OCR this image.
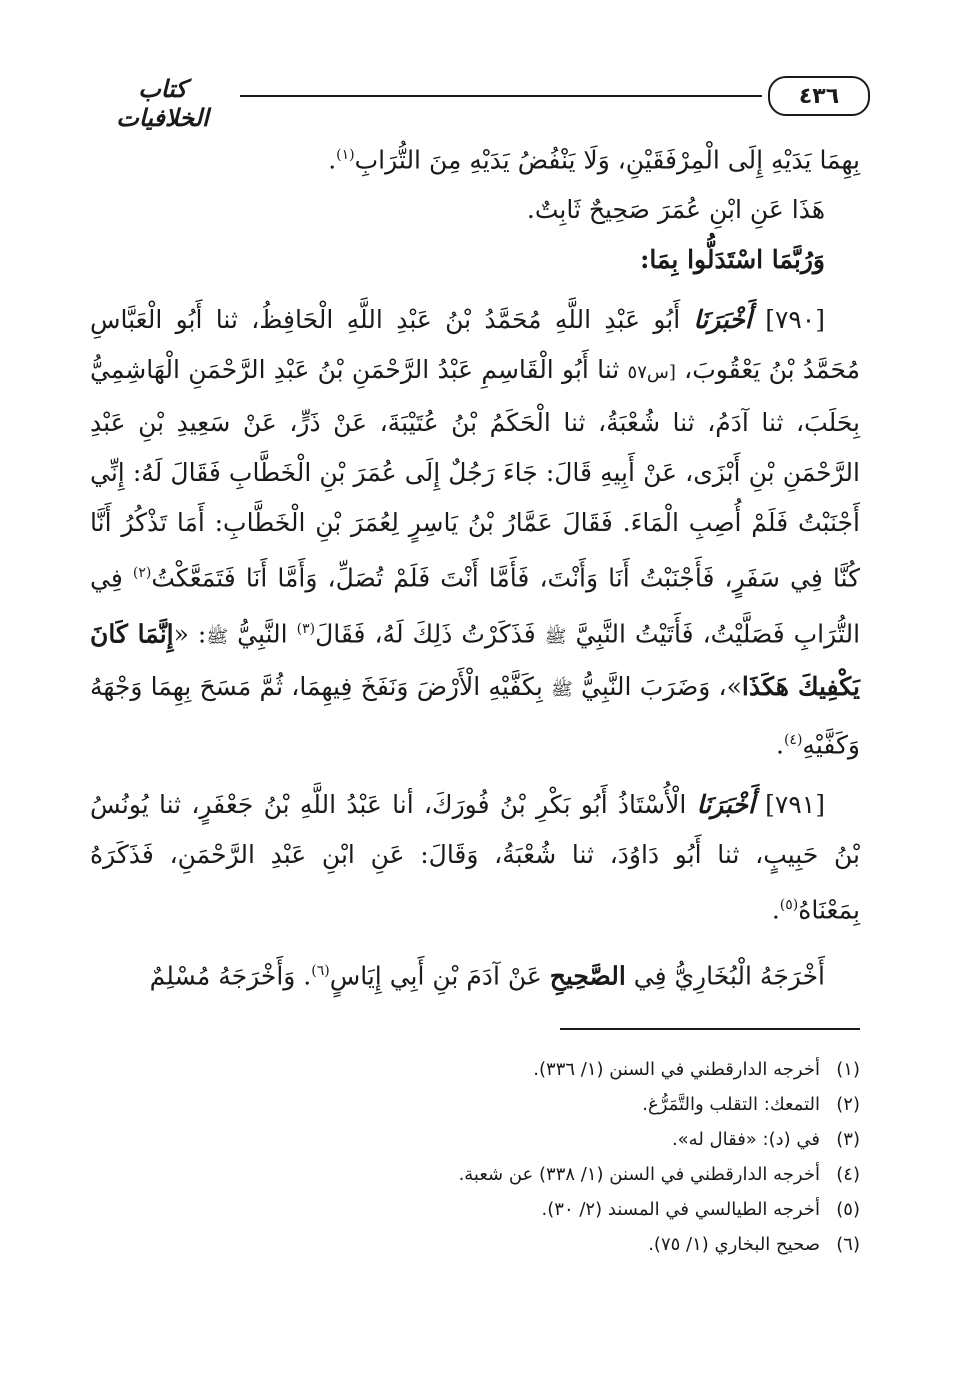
٤٣٦
كتاب الخلافيات

بِهِمَا يَدَيْهِ إِلَى الْمِرْفَقَيْنِ، وَلَا يَنْفُضُ يَدَيْهِ مِنَ التُّرَابِ$^{(١)}$.

هَذَا عَنِ ابْنِ عُمَرَ صَحِيحٌ ثَابِتٌ.

وَرُبَّمَا اسْتَدَلُّوا بِمَا:

[٧٩٠] أَخْبَرَنَا أَبُو عَبْدِ اللَّهِ مُحَمَّدُ بْنُ عَبْدِ اللَّهِ الْحَافِظُ، ثنا أَبُو الْعَبَّاسِ مُحَمَّدُ بْنُ يَعْقُوبَ، [س٥٧ ثنا أَبُو الْقَاسِمِ عَبْدُ الرَّحْمَنِ بْنُ عَبْدِ الرَّحْمَنِ الْهَاشِمِيُّ بِحَلَبَ، ثنا آدَمُ، ثنا شُعْبَةُ، ثنا الْحَكَمُ بْنُ عُتَيْبَةَ، عَنْ ذَرٍّ، عَنْ سَعِيدِ بْنِ عَبْدِ الرَّحْمَنِ بْنِ أَبْزَى، عَنْ أَبِيهِ قَالَ: جَاءَ رَجُلٌ إِلَى عُمَرَ بْنِ الْخَطَّابِ فَقَالَ لَهُ: إِنِّي أَجْنَبْتُ فَلَمْ أُصِبِ الْمَاءَ. فَقَالَ عَمَّارُ بْنُ يَاسِرٍ لِعُمَرَ بْنِ الْخَطَّابِ: أَمَا تَذْكُرُ أَنَّا كُنَّا فِي سَفَرٍ، فَأَجْنَبْتُ أَنَا وَأَنْتَ، فَأَمَّا أَنْتَ فَلَمْ تُصَلِّ، وَأَمَّا أَنَا فَتَمَعَّكْتُ$^{(٢)}$ فِي التُّرَابِ فَصَلَّيْتُ، فَأَتَيْتُ النَّبِيَّ ﷺ فَذَكَرْتُ ذَلِكَ لَهُ، فَقَالَ$^{(٣)}$ النَّبِيُّ ﷺ: «إِنَّمَا كَانَ يَكْفِيكَ هَكَذَا»، وَضَرَبَ النَّبِيُّ ﷺ بِكَفَّيْهِ الْأَرْضَ وَنَفَخَ فِيهِمَا، ثُمَّ مَسَحَ بِهِمَا وَجْهَهُ وَكَفَّيْهِ$^{(٤)}$.

[٧٩١] أَخْبَرَنَا الْأُسْتَاذُ أَبُو بَكْرِ بْنُ فُورَكَ، أنا عَبْدُ اللَّهِ بْنُ جَعْفَرٍ، ثنا يُونُسُ بْنُ حَبِيبٍ، ثنا أَبُو دَاوُدَ، ثنا شُعْبَةُ، وَقَالَ: عَنِ ابْنِ عَبْدِ الرَّحْمَنِ، فَذَكَرَهُ بِمَعْنَاهُ$^{(٥)}$.

أَخْرَجَهُ الْبُخَارِيُّ فِي الصَّحِيحِ عَنْ آدَمَ بْنِ أَبِي إِيَاسٍ$^{(٦)}$. وَأَخْرَجَهُ مُسْلِمٌ

(١)أخرجه الدارقطني في السنن (١/ ٣٣٦).

(٢)التمعك: التقلب والتَّمَرُّغ.

(٣)في (د): «فقال له».

(٤)أخرجه الدارقطني في السنن (١/ ٣٣٨) عن شعبة.

(٥)أخرجه الطيالسي في المسند (٢/ ٣٠).

(٦)صحيح البخاري (١/ ٧٥).
